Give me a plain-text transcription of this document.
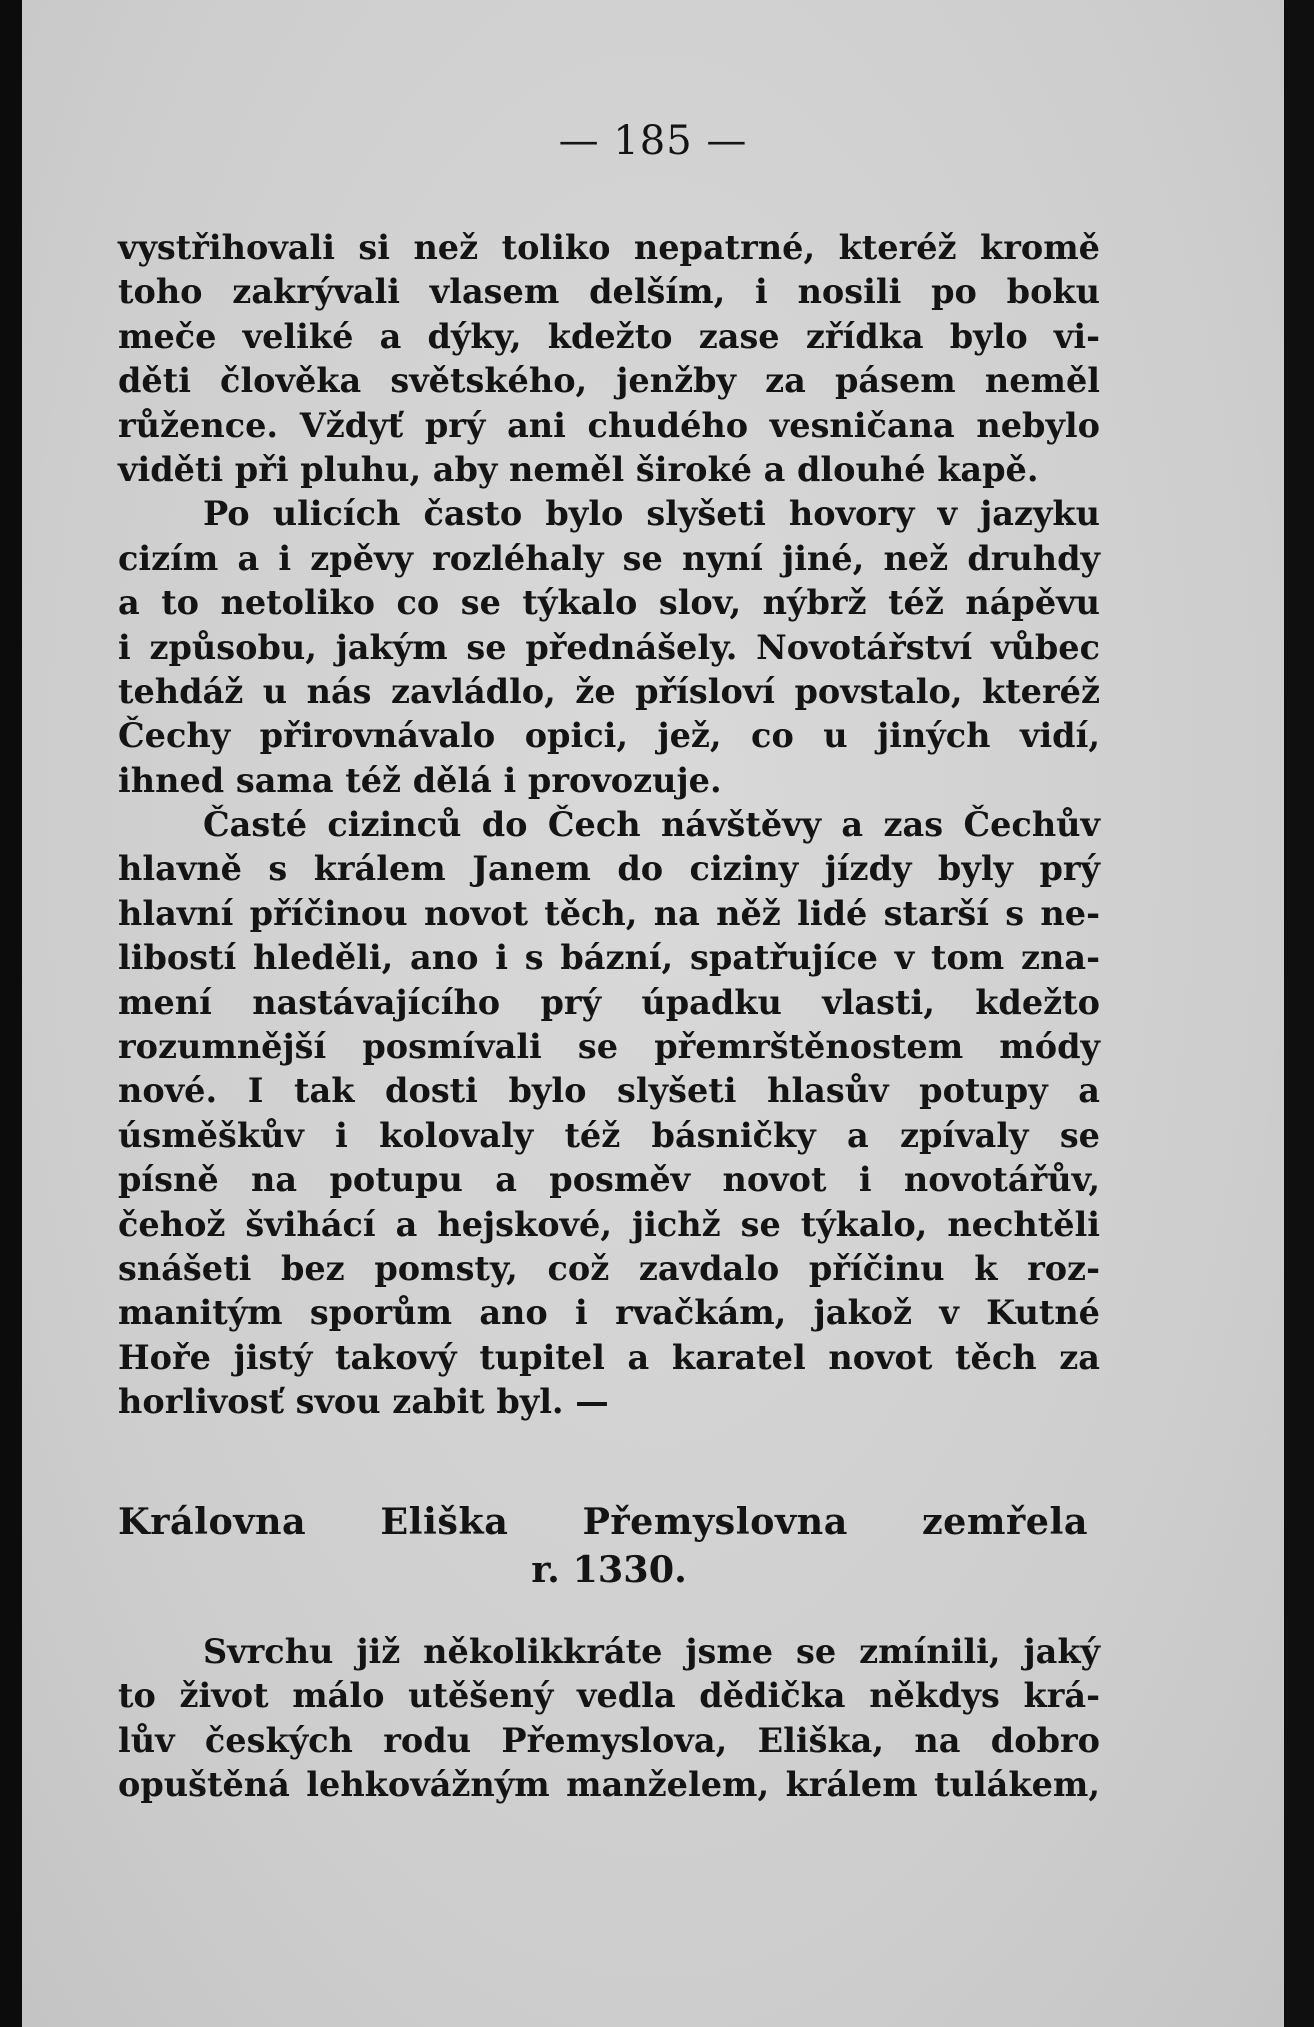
— 185 —
vystřihovali si než toliko nepatrné, kteréž kromě
toho zakrývali vlasem delším, i nosili po boku
meče veliké a dýky, kdežto zase zřídka bylo vi-
děti člověka světského, jenžby za pásem neměl
růžence. Vždyť prý ani chudého vesničana nebylo
viděti při pluhu, aby neměl široké a dlouhé kapě.
Po ulicích často bylo slyšeti hovory v jazyku
cizím a i zpěvy rozléhaly se nyní jiné, než druhdy
a to netoliko co se týkalo slov, nýbrž též nápěvu
i způsobu, jakým se přednášely. Novotářství vůbec
tehdáž u nás zavládlo, že přísloví povstalo, kteréž
Čechy přirovnávalo opici, jež, co u jiných vidí,
ihned sama též dělá i provozuje.
Časté cizinců do Čech návštěvy a zas Čechův
hlavně s králem Janem do ciziny jízdy byly prý
hlavní příčinou novot těch, na něž lidé starší s ne-
libostí hleděli, ano i s bázní, spatřujíce v tom zna-
mení nastávajícího prý úpadku vlasti, kdežto
rozumnější posmívali se přemrštěnostem módy
nové. I tak dosti bylo slyšeti hlasův potupy a
úsměškův i kolovaly též básničky a zpívaly se
písně na potupu a posměv novot i novotářův,
čehož švihácí a hejskové, jichž se týkalo, nechtěli
snášeti bez pomsty, což zavdalo příčinu k roz-
manitým sporům ano i rvačkám, jakož v Kutné
Hoře jistý takový tupitel a karatel novot těch za
horlivosť svou zabit byl. —
Královna Eliška Přemyslovna zemřela
r. 1330.
Svrchu již několikkráte jsme se zmínili, jaký
to život málo utěšený vedla dědička někdys krá-
lův českých rodu Přemyslova, Eliška, na dobro
opuštěná lehkovážným manželem, králem tulákem,
